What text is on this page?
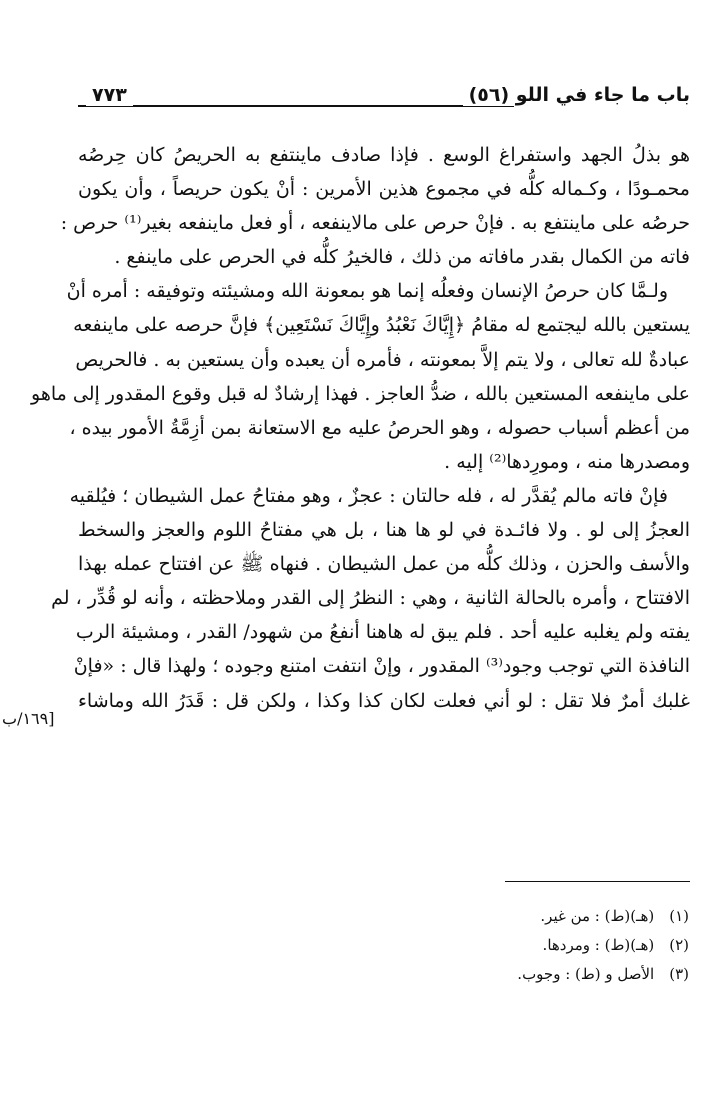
باب ما جاء في اللو (٥٦)
٧٧٣
هو بذلُ الجهد واستفراغ الوسع . فإذا صادف ماينتفع به الحريصُ كان حِرصُه
محمـودًا ، وكـماله كلُّه في مجموع هذين الأمرين : أنْ يكون حريصاً ، وأن يكون
حرصُه على ماينتفع به . فإنْ حرص على مالاينفعه ، أو فعل ماينفعه بغير⁽¹⁾ حرص :
فاته من الكمال بقدر مافاته من ذلك ، فالخيرُ كلُّه في الحرص على ماينفع .
ولـمَّا كان حرصُ الإنسان وفعلُه إنما هو بمعونة الله ومشيئته وتوفيقه : أمره أنْ
يستعين بالله ليجتمع له مقامُ ﴿إِيَّاكَ نَعْبُدُ وإِيَّاكَ نَسْتَعِين﴾ فإنَّ حرصه على ماينفعه
عبادةٌ لله تعالى ، ولا يتم إلاَّ بمعونته ، فأمره أن يعبده وأن يستعين به . فالحريص
على ماينفعه المستعين بالله ، ضدُّ العاجز . فهذا إرشادٌ له قبل وقوع المقدور إلى ماهو
من أعظم أسباب حصوله ، وهو الحرصُ عليه مع الاستعانة بمن أزِمَّةُ الأمور بيده ،
ومصدرها منه ، ومورِدها⁽²⁾ إليه .
فإنْ فاته مالم يُقدَّر له ، فله حالتان : عجزٌ ، وهو مفتاحُ عمل الشيطان ؛ فيُلقيه
العجزُ إلى لو . ولا فائـدة في لو ها هنا ، بل هي مفتاحُ اللوم والعجز والسخط
والأسف والحزن ، وذلك كلُّه من عمل الشيطان . فنهاه ﷺ عن افتتاح عمله بهذا
الافتتاح ، وأمره بالحالة الثانية ، وهي : النظرُ إلى القدر وملاحظته ، وأنه لو قُدِّر ، لم
يفته ولم يغلبه عليه أحد . فلم يبق له هاهنا أنفعُ من شهود/ القدر ، ومشيئة الرب
النافذة التي توجب وجود⁽³⁾ المقدور ، وإنْ انتفت امتنع وجوده ؛ ولهذا قال : «فإنْ
غلبك أمرٌ فلا تقل : لو أني فعلت لكان كذا وكذا ، ولكن قل : قَدَرُ الله وماشاء
[١٦٩/ب
(١) (هـ)(ط) : من غير.
(٢) (هـ)(ط) : ومردها.
(٣) الأصل و (ط) : وجوب.
